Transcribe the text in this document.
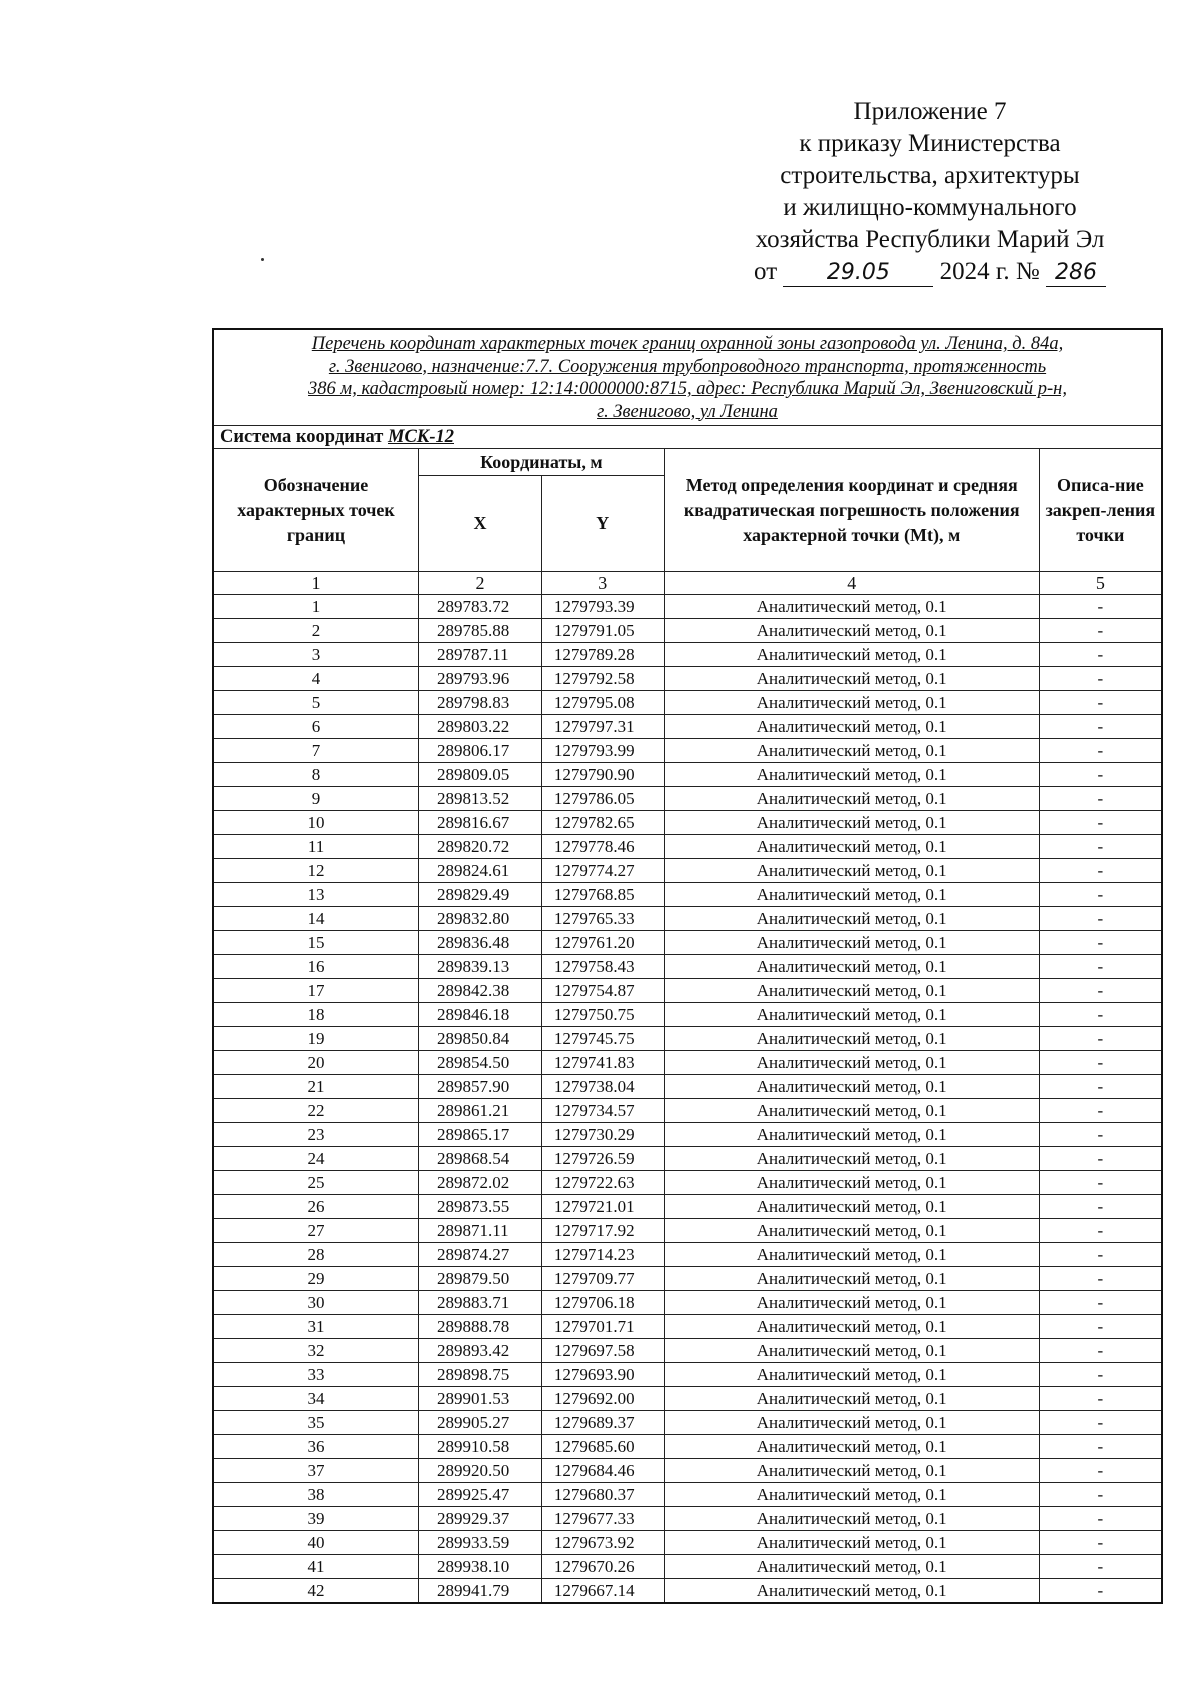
Приложение 7
к приказу Министерства
строительства, архитектуры
и жилищно-коммунального
хозяйства Республики Марий Эл
от 29.05 2024 г. № 286
Перечень координат характерных точек границ охранной зоны газопровода ул. Ленина, д. 84а,
г. Звенигово, назначение:7.7. Сооружения трубопроводного транспорта, протяженность
386 м, кадастровый номер: 12:14:0000000:8715, адрес: Республика Марий Эл, Звениговский р-н,
г. Звенигово, ул Ленина				

Система координат МСК-12				
Обозначение характерных точек границ	Координаты, м		Метод определения координат и средняя квадратическая погрешность положения характерной точки (Mt), м	Описа-ние закреп-ления точки
	X	Y		
1	2	3	4	5
1	289783.72	1279793.39	Аналитический метод, 0.1	-
2	289785.88	1279791.05	Аналитический метод, 0.1	-
3	289787.11	1279789.28	Аналитический метод, 0.1	-
4	289793.96	1279792.58	Аналитический метод, 0.1	-
5	289798.83	1279795.08	Аналитический метод, 0.1	-
6	289803.22	1279797.31	Аналитический метод, 0.1	-
7	289806.17	1279793.99	Аналитический метод, 0.1	-
8	289809.05	1279790.90	Аналитический метод, 0.1	-
9	289813.52	1279786.05	Аналитический метод, 0.1	-
10	289816.67	1279782.65	Аналитический метод, 0.1	-
11	289820.72	1279778.46	Аналитический метод, 0.1	-
12	289824.61	1279774.27	Аналитический метод, 0.1	-
13	289829.49	1279768.85	Аналитический метод, 0.1	-
14	289832.80	1279765.33	Аналитический метод, 0.1	-
15	289836.48	1279761.20	Аналитический метод, 0.1	-
16	289839.13	1279758.43	Аналитический метод, 0.1	-
17	289842.38	1279754.87	Аналитический метод, 0.1	-
18	289846.18	1279750.75	Аналитический метод, 0.1	-
19	289850.84	1279745.75	Аналитический метод, 0.1	-
20	289854.50	1279741.83	Аналитический метод, 0.1	-
21	289857.90	1279738.04	Аналитический метод, 0.1	-
22	289861.21	1279734.57	Аналитический метод, 0.1	-
23	289865.17	1279730.29	Аналитический метод, 0.1	-
24	289868.54	1279726.59	Аналитический метод, 0.1	-
25	289872.02	1279722.63	Аналитический метод, 0.1	-
26	289873.55	1279721.01	Аналитический метод, 0.1	-
27	289871.11	1279717.92	Аналитический метод, 0.1	-
28	289874.27	1279714.23	Аналитический метод, 0.1	-
29	289879.50	1279709.77	Аналитический метод, 0.1	-
30	289883.71	1279706.18	Аналитический метод, 0.1	-
31	289888.78	1279701.71	Аналитический метод, 0.1	-
32	289893.42	1279697.58	Аналитический метод, 0.1	-
33	289898.75	1279693.90	Аналитический метод, 0.1	-
34	289901.53	1279692.00	Аналитический метод, 0.1	-
35	289905.27	1279689.37	Аналитический метод, 0.1	-
36	289910.58	1279685.60	Аналитический метод, 0.1	-
37	289920.50	1279684.46	Аналитический метод, 0.1	-
38	289925.47	1279680.37	Аналитический метод, 0.1	-
39	289929.37	1279677.33	Аналитический метод, 0.1	-
40	289933.59	1279673.92	Аналитический метод, 0.1	-
41	289938.10	1279670.26	Аналитический метод, 0.1	-
42	289941.79	1279667.14	Аналитический метод, 0.1	-
